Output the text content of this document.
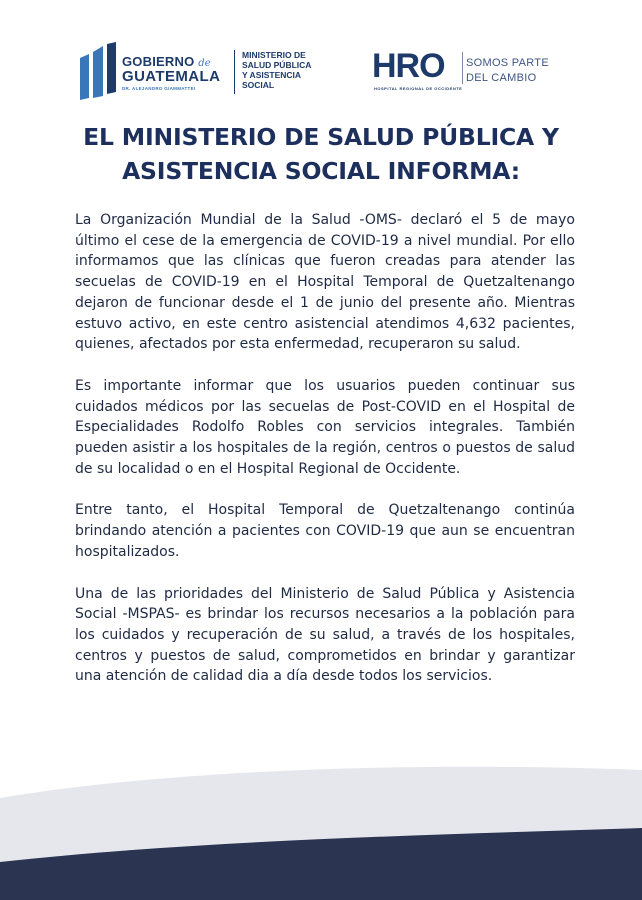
GOBIERNO de
GUATEMALA
DR. ALEJANDRO GIAMMATTEI
MINISTERIO DE
SALUD PÚBLICA
Y ASISTENCIA
SOCIAL	HRO
HOSPITAL REGIONAL DE OCCIDENTE
SOMOS PARTE
DEL CAMBIO
EL MINISTERIO DE SALUD PÚBLICA Y
ASISTENCIA SOCIAL INFORMA:

La Organización Mundial de la Salud -OMS- declaró el 5 de mayo último el cese de la emergencia de COVID-19 a nivel mundial. Por ello informamos que las clínicas que fueron creadas para atender las secuelas de COVID-19 en el Hospital Temporal de Quetzaltenango dejaron de funcionar desde el 1 de junio del presente año. Mientras estuvo activo, en este centro asistencial atendimos 4,632 pacientes, quienes, afectados por esta enfermedad, recuperaron su salud.

Es importante informar que los usuarios pueden continuar sus cuidados médicos por las secuelas de Post-COVID en el Hospital de Especialidades Rodolfo Robles con servicios integrales. También pueden asistir a los hospitales de la región, centros o puestos de salud de su localidad o en el Hospital Regional de Occidente.

Entre tanto, el Hospital Temporal de Quetzaltenango continúa brindando atención a pacientes con COVID-19 que aun se encuentran hospitalizados.

Una de las prioridades del Ministerio de Salud Pública y Asistencia Social -MSPAS- es brindar los recursos necesarios a la población para los cuidados y recuperación de su salud, a través de los hospitales, centros y puestos de salud, comprometidos en brindar y garantizar una atención de calidad dia a día desde todos los servicios.
